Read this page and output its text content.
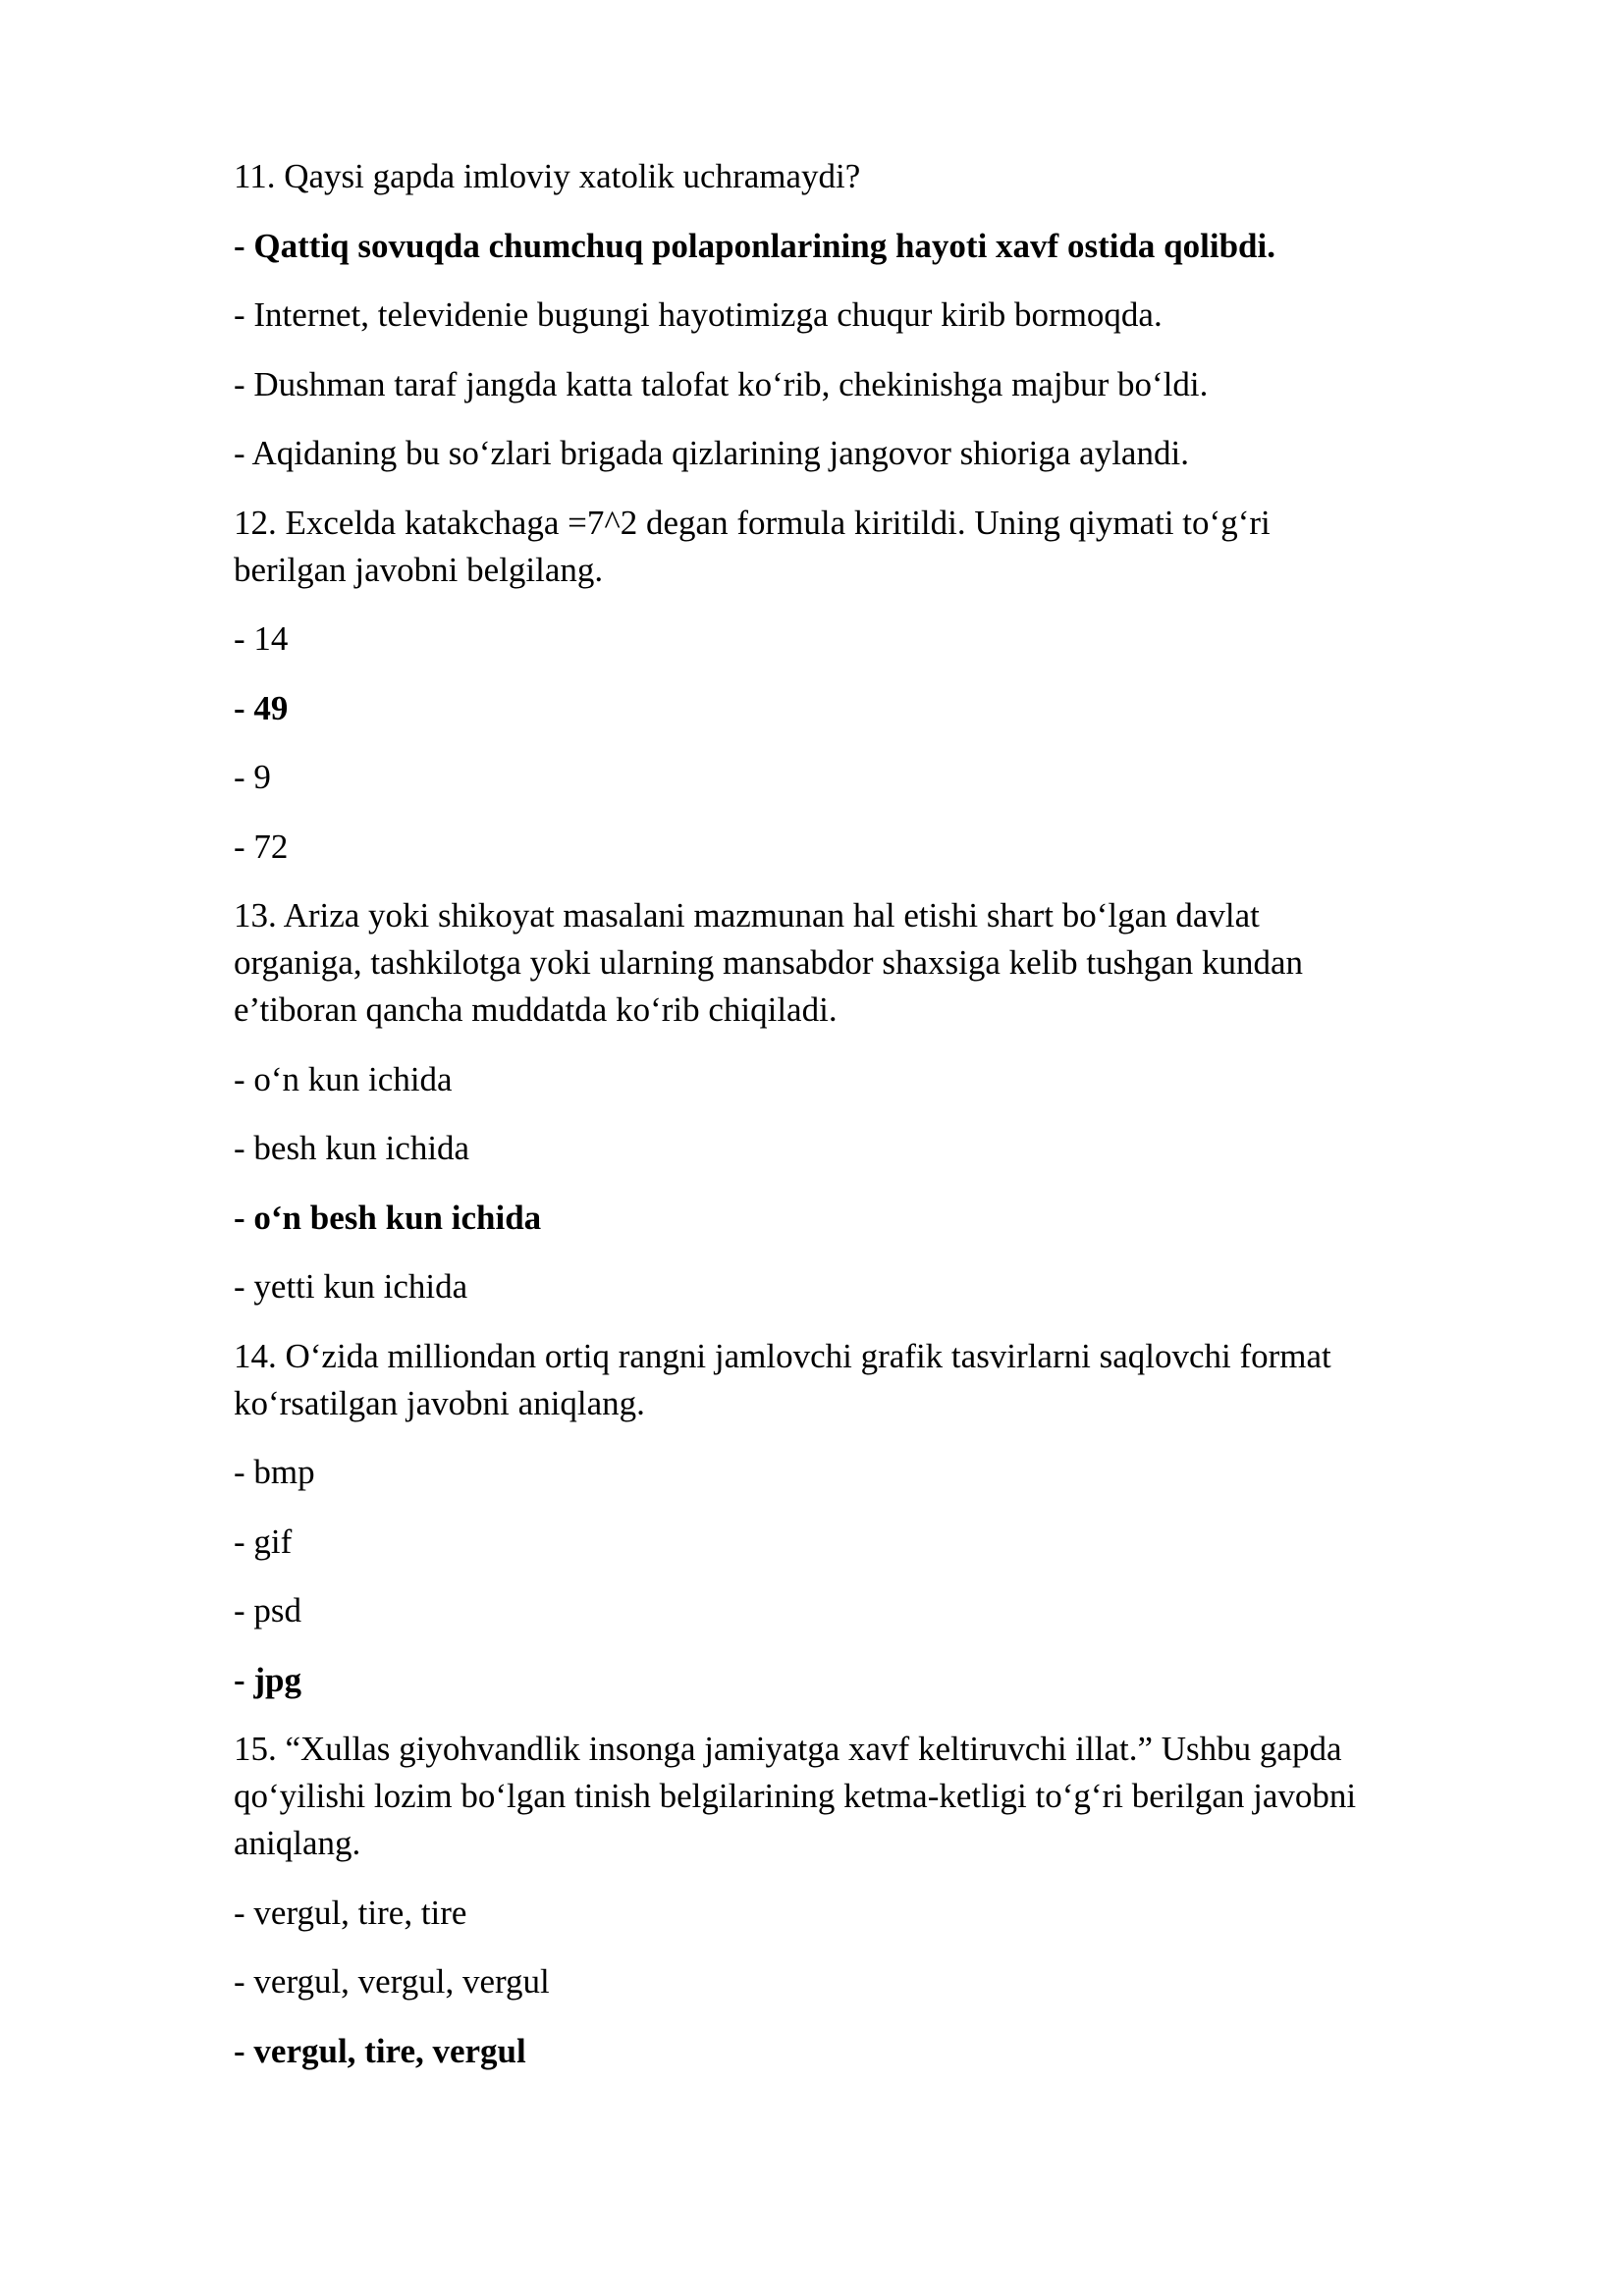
11. Qaysi gapda imloviy xatolik uchramaydi?
- Qattiq sovuqda chumchuq polaponlarining hayoti xavf ostida qolibdi.
- Internet, televidenie bugungi hayotimizga chuqur kirib bormoqda.
- Dushman taraf jangda katta talofat ko‘rib, chekinishga majbur bo‘ldi.
- Aqidaning bu so‘zlari brigada qizlarining jangovor shioriga aylandi.
12. Excelda katakchaga =7^2 degan formula kiritildi. Uning qiymati to‘g‘ri
berilgan javobni belgilang.
- 14
- 49
- 9
- 72
13. Ariza yoki shikoyat masalani mazmunan hal etishi shart bo‘lgan davlat
organiga, tashkilotga yoki ularning mansabdor shaxsiga kelib tushgan kundan
e’tiboran qancha muddatda ko‘rib chiqiladi.
- o‘n kun ichida
- besh kun ichida
- o‘n besh kun ichida
- yetti kun ichida
14. O‘zida milliondan ortiq rangni jamlovchi grafik tasvirlarni saqlovchi format
ko‘rsatilgan javobni aniqlang.
- bmp
- gif
- psd
- jpg
15. “Xullas giyohvandlik insonga jamiyatga xavf keltiruvchi illat.” Ushbu gapda
qo‘yilishi lozim bo‘lgan tinish belgilarining ketma-ketligi to‘g‘ri berilgan javobni
aniqlang.
- vergul, tire, tire
- vergul, vergul, vergul
- vergul, tire, vergul
